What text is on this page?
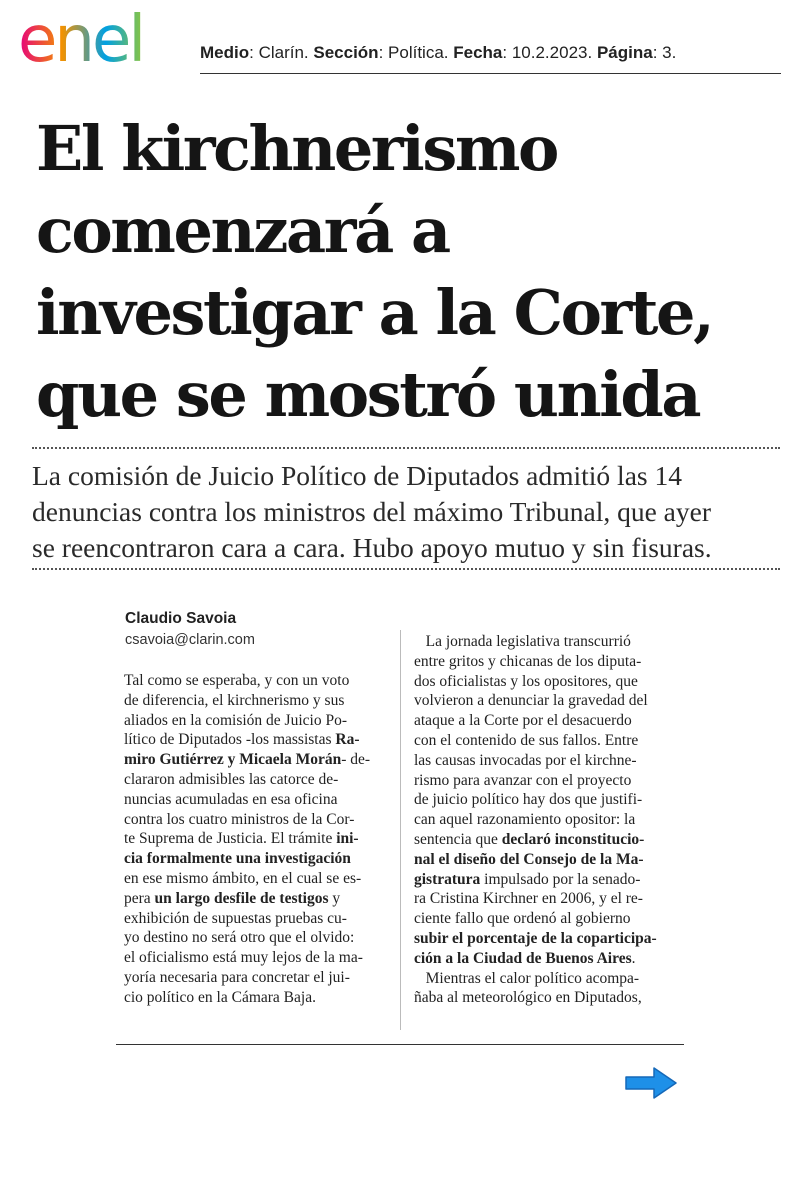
enel	Medio: Clarín. Sección: Política. Fecha: 10.2.2023. Página: 3.
El kirchnerismo
comenzará a
investigar a la Corte,
que se mostró unida
La comisión de Juicio Político de Diputados admitió las 14
denuncias contra los ministros del máximo Tribunal, que ayer
se reencontraron cara a cara. Hubo apoyo mutuo y sin fisuras.
Claudio Savoia
csavoia@clarin.com
Tal como se esperaba, y con un voto
de diferencia, el kirchnerismo y sus
aliados en la comisión de Juicio Po-
lítico de Diputados -los massistas Ra-
miro Gutiérrez y Micaela Morán- de-
clararon admisibles las catorce de-
nuncias acumuladas en esa oficina
contra los cuatro ministros de la Cor-
te Suprema de Justicia. El trámite ini-
cia formalmente una investigación
en ese mismo ámbito, en el cual se es-
pera un largo desfile de testigos y
exhibición de supuestas pruebas cu-
yo destino no será otro que el olvido:
el oficialismo está muy lejos de la ma-
yoría necesaria para concretar el jui-
cio político en la Cámara Baja.
La jornada legislativa transcurrió
entre gritos y chicanas de los diputa-
dos oficialistas y los opositores, que
volvieron a denunciar la gravedad del
ataque a la Corte por el desacuerdo
con el contenido de sus fallos. Entre
las causas invocadas por el kirchne-
rismo para avanzar con el proyecto
de juicio político hay dos que justifi-
can aquel razonamiento opositor: la
sentencia que declaró inconstitucio-
nal el diseño del Consejo de la Ma-
gistratura impulsado por la senado-
ra Cristina Kirchner en 2006, y el re-
ciente fallo que ordenó al gobierno
subir el porcentaje de la coparticipa-
ción a la Ciudad de Buenos Aires.
Mientras el calor político acompa-
ñaba al meteorológico en Diputados,
